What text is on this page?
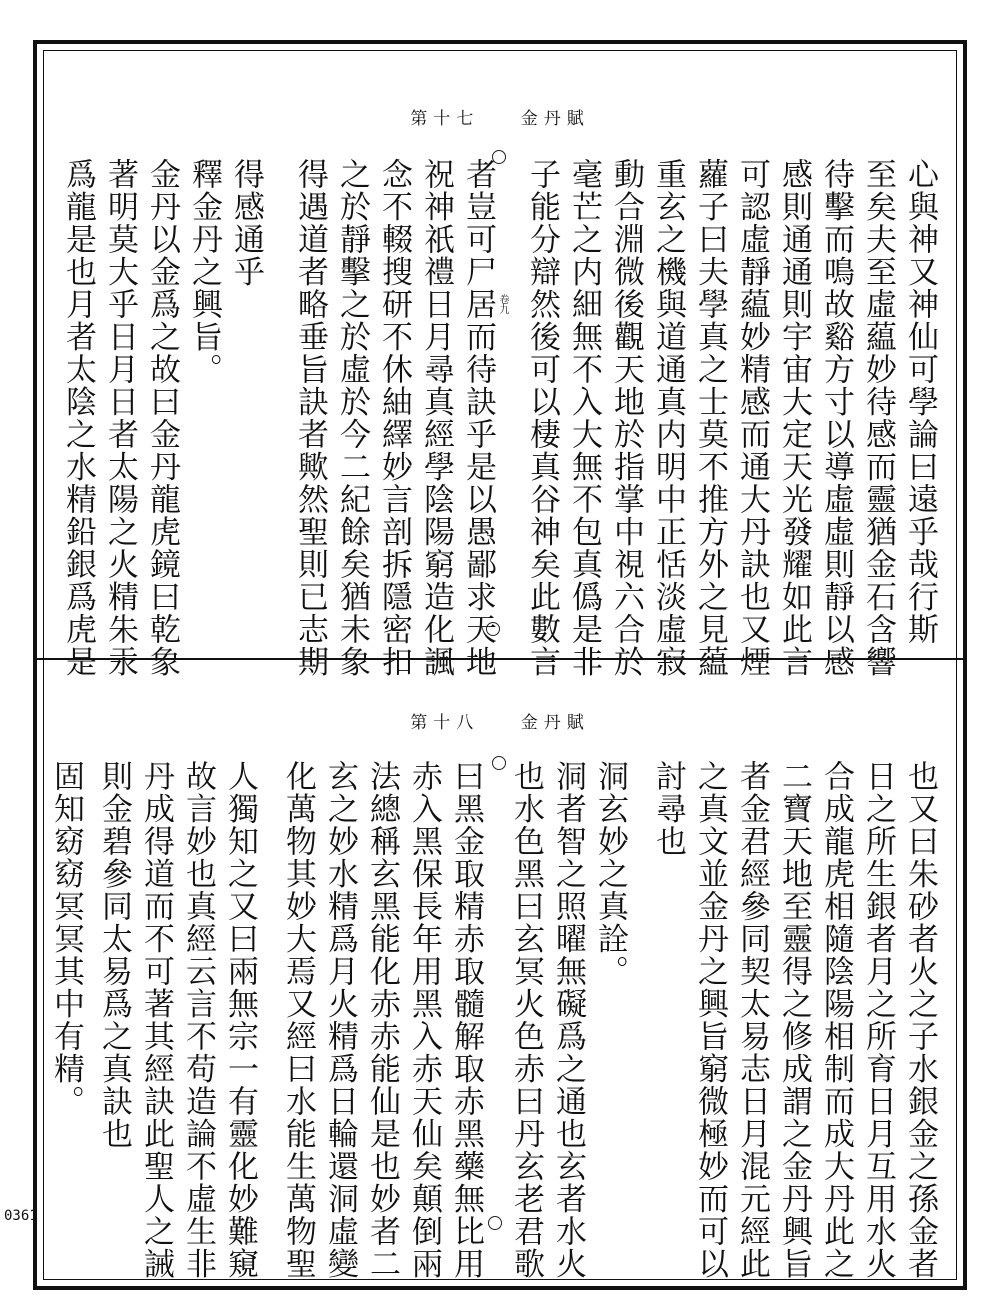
第十七 金丹賦
卷九	心與神又神仙可學論曰遠乎哉行斯
至矣夫至虛藴妙待感而靈猶金石含響
待擊而鳴故谿方寸以導虛虛則靜以感
感則通通則宇宙大定天光發耀如此言
可認虛靜藴妙精感而通大丹訣也又煙
蘿子曰夫學真之士莫不推方外之見藴
重玄之機與道通真内明中正恬淡虛寂
動合淵微後觀天地於指掌中視六合於
毫芒之内細無不入大無不包真僞是非
子能分辯然後可以棲真谷神矣此數言
者豈可尸居而待訣乎是以愚鄙求天地
祝神祇禮日月尋真經學陰陽窮造化諷
念不輟搜研不休紬繹妙言剖拆隱密扣
之於靜擊之於虛於今二紀餘矣猶未象
得遇道者略垂旨訣者歟然聖則已志期
得感通乎
釋金丹之興旨。
金丹以金爲之故曰金丹龍虎鏡曰乾象
著明莫大乎日月日者太陽之火精朱汞
爲龍是也月者太陰之水精鉛銀爲虎是
第十八 金丹賦
也又曰朱砂者火之子水銀金之孫金者
日之所生銀者月之所育日月互用水火
合成龍虎相隨陰陽相制而成大丹此之
二寶天地至靈得之修成謂之金丹興旨
者金君經參同契太易志日月混元經此
之真文並金丹之興旨窮微極妙而可以
討尋也
洞玄妙之真詮。
洞者智之照曜無礙爲之通也玄者水火
也水色黑曰玄冥火色赤曰丹玄老君歌
曰黑金取精赤取髓解取赤黑藥無比用
赤入黑保長年用黑入赤天仙矣顛倒兩
法總稱玄黑能化赤赤能仙是也妙者二
玄之妙水精爲月火精爲日輪還洞虛變
化萬物其妙大焉又經曰水能生萬物聖
人獨知之又曰兩無宗一有靈化妙難窺
故言妙也真經云言不苟造論不虛生非
丹成得道而不可著其經訣此聖人之誡
則金碧參同太易爲之真訣也
固知窈窈冥冥其中有精。
0361
